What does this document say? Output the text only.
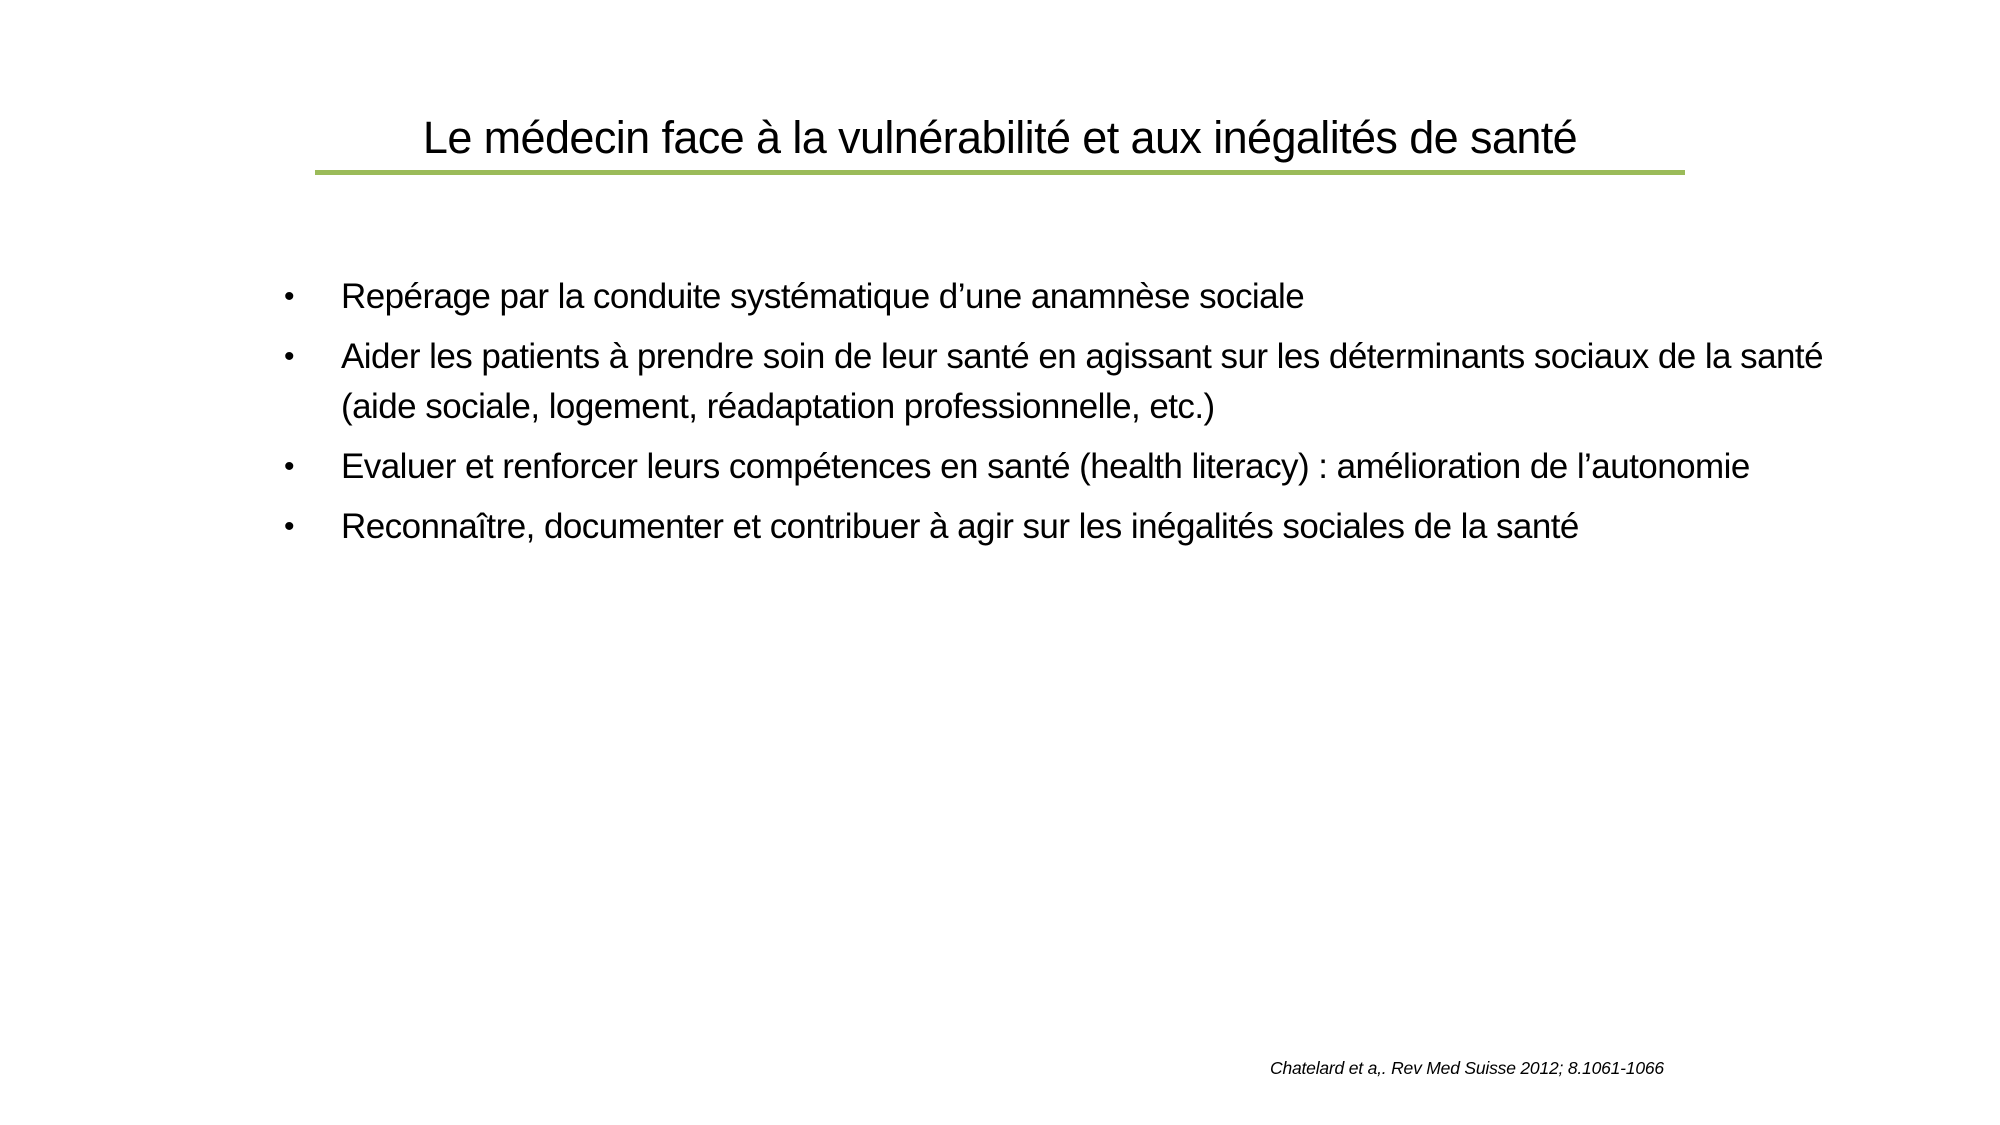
Le médecin face à la vulnérabilité et aux inégalités de santé
• Repérage par la conduite systématique d’une anamnèse sociale
• Aider les patients à prendre soin de leur santé en agissant sur les déterminants sociaux de la santé (aide sociale, logement, réadaptation professionnelle, etc.)
• Evaluer et renforcer leurs compétences en santé (health literacy) : amélioration de l’autonomie
• Reconnaître, documenter et contribuer à agir sur les inégalités sociales de la santé
Chatelard et a,. Rev Med Suisse 2012; 8.1061-1066
